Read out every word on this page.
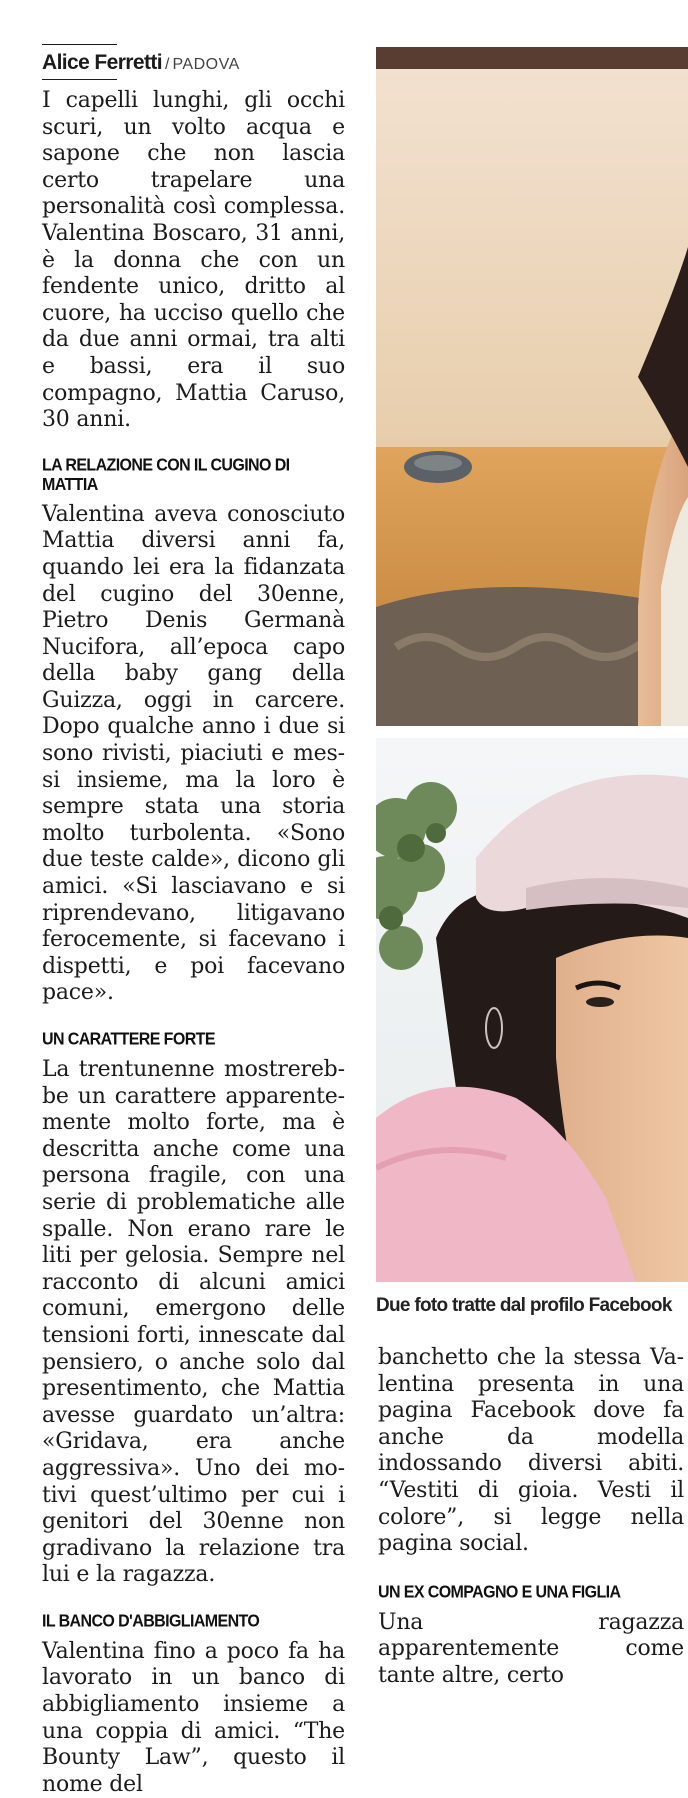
Alice Ferretti / PADOVA

I capelli lunghi, gli occhi scuri, un volto acqua e sapone che non lascia certo trapelare una personalità così complessa. Valentina Boscaro, 31 anni, è la donna che con un fendente unico, dritto al cuore, ha ucciso quello che da due anni ormai, tra alti e bassi, era il suo compagno, Mattia Caruso, 30 anni.

LA RELAZIONE CON IL CUGINO DI MATTIA

Valentina aveva conosciuto Mattia diversi anni fa, quando lei era la fidanzata del cugino del 30enne, Pietro Denis Germanà Nucifora, all’epoca capo della baby gang della Guizza, oggi in carcere. Dopo qualche anno i due si sono rivisti, piaciuti e messi insieme, ma la loro è sempre stata una storia molto turbolenta. «Sono due teste calde», dicono gli amici. «Si lasciavano e si riprendevano, litigavano ferocemente, si facevano i dispetti, e poi facevano pace».

UN CARATTERE FORTE

La trentunenne mostrerebbe un carattere apparentemente molto forte, ma è descritta anche come una persona fragile, con una serie di problematiche alle spalle. Non erano rare le liti per gelosia. Sempre nel racconto di alcuni amici comuni, emergono delle tensioni forti, innescate dal pensiero, o anche solo dal presentimento, che Mattia avesse guardato un’altra: «Gridava, era anche aggressiva». Uno dei motivi quest’ultimo per cui i genitori del 30enne non gradivano la relazione tra lui e la ragazza.

IL BANCO D'ABBIGLIAMENTO

Valentina fino a poco fa ha lavorato in un banco di abbigliamento insieme a una coppia di amici. “The Bounty Law”, questo il nome del

Due foto tratte dal profilo Facebook

banchetto che la stessa Valentina presenta in una pagina Facebook dove fa anche da modella indossando diversi abiti. “Vestiti di gioia. Vesti il colore”, si legge nella pagina social.

UN EX COMPAGNO E UNA FIGLIA

Una ragazza apparentemente come tante altre, certo
